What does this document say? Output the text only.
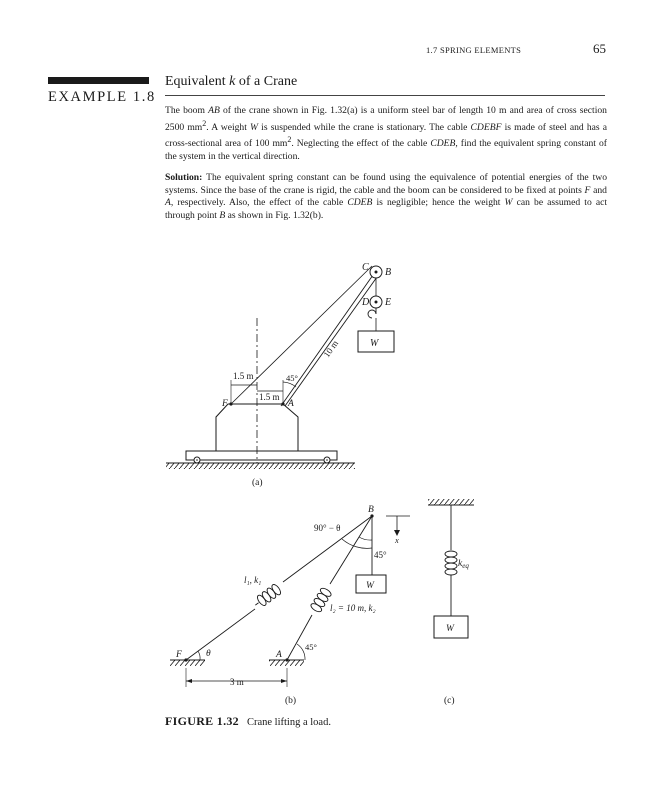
1.7 SPRING ELEMENTS	65
EXAMPLE 1.8
Equivalent k of a Crane
The boom AB of the crane shown in Fig. 1.32(a) is a uniform steel bar of length 10 m and area of cross section 2500 $mm^2$. A weight W is suspended while the crane is stationary. The cable CDEBF is made of steel and has a cross-sectional area of 100 $mm^2$. Neglecting the effect of the cable CDEB, find the equivalent spring constant of the system in the vertical direction.
Solution: The equivalent spring constant can be found using the equivalence of potential energies of the two systems. Since the base of the crane is rigid, the cable and the boom can be considered to be fixed at points F and A, respectively. Also, the effect of the cable CDEB is negligible; hence the weight W can be assumed to act through point B as shown in Fig. 1.32(b).
C B
D E
W
F	A
1.5 m
1.5 m
45°
10 m
(a)
B
x
90° − θ
45°
W
l₁, k₁
l₂ = 10 m, k₂
F	θ	A
45°
3 m
(b)
$k_{eq}$
W
(c)
FIGURE 1.32 Crane lifting a load.
